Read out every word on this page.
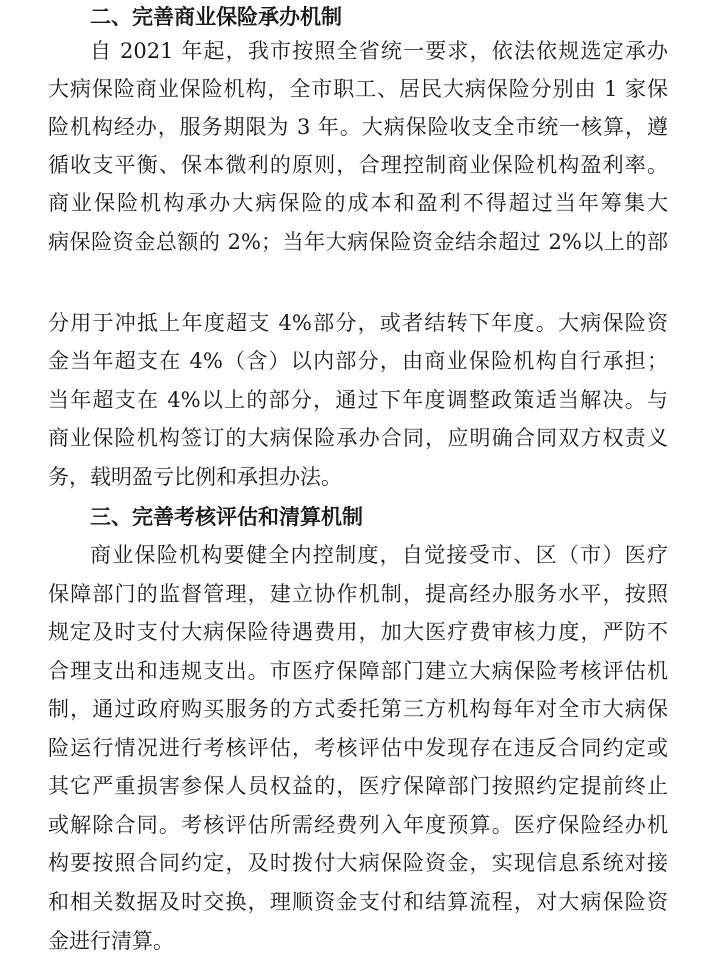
二、完善商业保险承办机制
自 2021 年起，我市按照全省统一要求，依法依规选定承办
大病保险商业保险机构，全市职工、居民大病保险分别由 1 家保
险机构经办，服务期限为 3 年。大病保险收支全市统一核算，遵
循收支平衡、保本微利的原则，合理控制商业保险机构盈利率。
商业保险机构承办大病保险的成本和盈利不得超过当年筹集大
病保险资金总额的 2%；当年大病保险资金结余超过 2%以上的部
分用于冲抵上年度超支 4%部分，或者结转下年度。大病保险资
金当年超支在 4%（含）以内部分，由商业保险机构自行承担；
当年超支在 4%以上的部分，通过下年度调整政策适当解决。与
商业保险机构签订的大病保险承办合同，应明确合同双方权责义
务，载明盈亏比例和承担办法。
三、完善考核评估和清算机制
商业保险机构要健全内控制度，自觉接受市、区（市）医疗
保障部门的监督管理，建立协作机制，提高经办服务水平，按照
规定及时支付大病保险待遇费用，加大医疗费审核力度，严防不
合理支出和违规支出。市医疗保障部门建立大病保险考核评估机
制，通过政府购买服务的方式委托第三方机构每年对全市大病保
险运行情况进行考核评估，考核评估中发现存在违反合同约定或
其它严重损害参保人员权益的，医疗保障部门按照约定提前终止
或解除合同。考核评估所需经费列入年度预算。医疗保险经办机
构要按照合同约定，及时拨付大病保险资金，实现信息系统对接
和相关数据及时交换，理顺资金支付和结算流程，对大病保险资
金进行清算。
